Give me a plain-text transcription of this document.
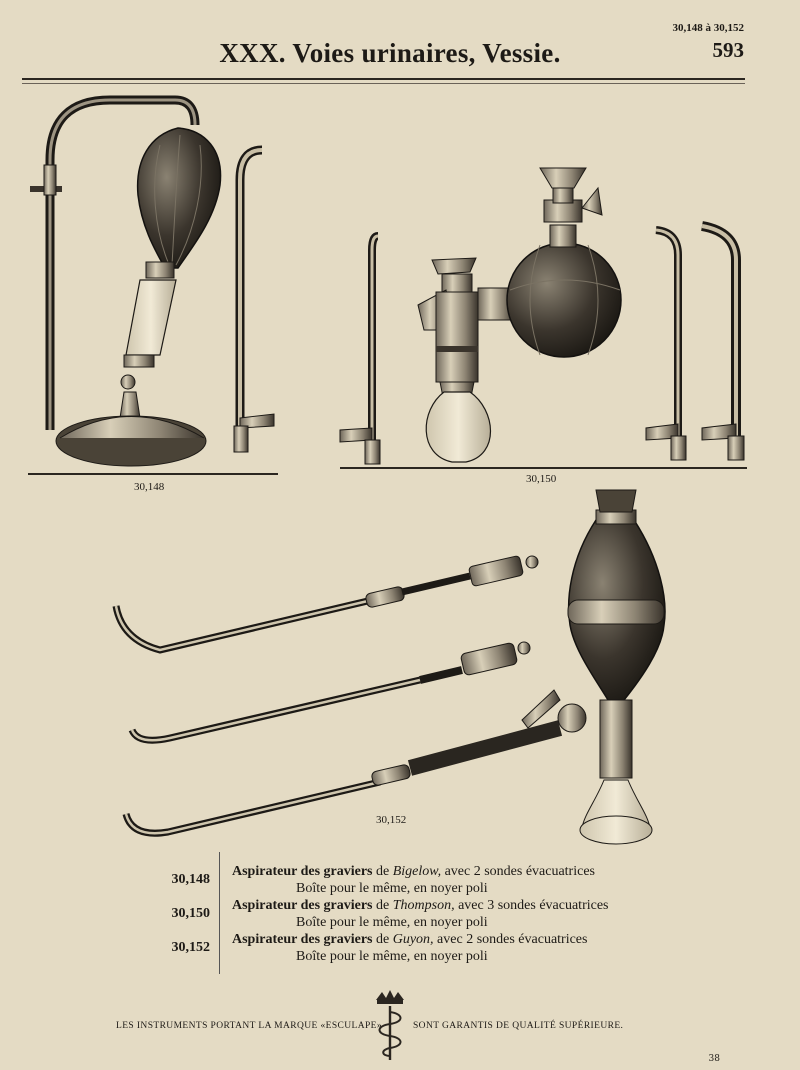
30,148 à 30,152
XXX. Voies urinaires, Vessie.	593
30,148
30,150
30,152
30,148
Aspirateur des graviers de Bigelow, avec 2 sondes évacuatrices
Boîte pour le même, en noyer poli
30,150
Aspirateur des graviers de Thompson, avec 3 sondes évacuatrices
Boîte pour le même, en noyer poli
30,152
Aspirateur des graviers de Guyon, avec 2 sondes évacuatrices
Boîte pour le même, en noyer poli
LES INSTRUMENTS PORTANT LA MARQUE «ESCULAPE»	SONT GARANTIS DE QUALITÉ SUPÉRIEURE.
38
